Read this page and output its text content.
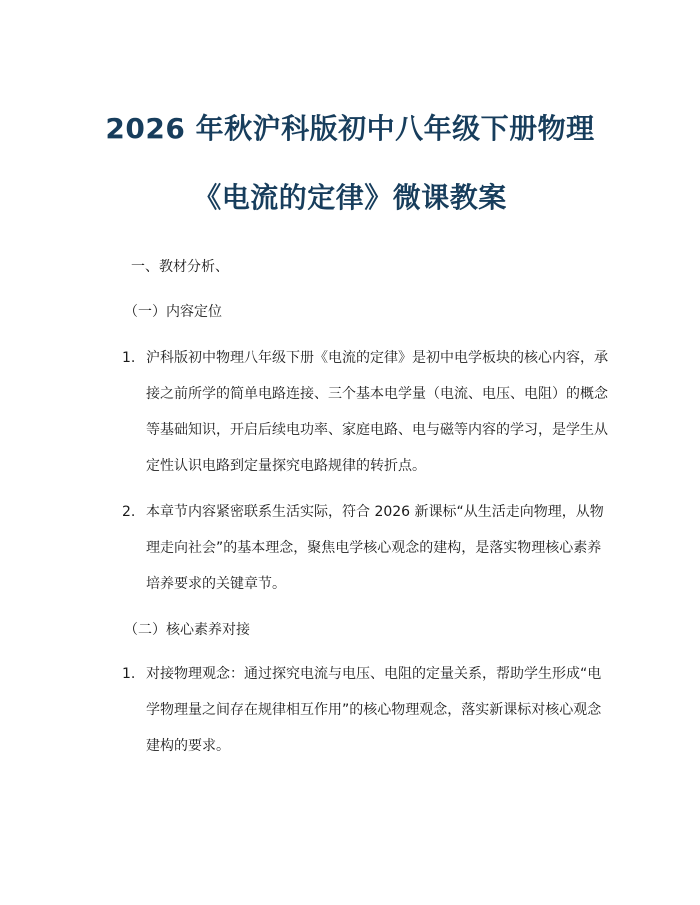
2026 年秋沪科版初中八年级下册物理
《电流的定律》微课教案
一、教材分析、
（一）内容定位
1. 沪科版初中物理八年级下册《电流的定律》是初中电学板块的核心内容，承
接之前所学的简单电路连接、三个基本电学量（电流、电压、电阻）的概念
等基础知识，开启后续电功率、家庭电路、电与磁等内容的学习，是学生从
定性认识电路到定量探究电路规律的转折点。
2. 本章节内容紧密联系生活实际，符合 2026 新课标“从生活走向物理，从物
理走向社会”的基本理念，聚焦电学核心观念的建构，是落实物理核心素养
培养要求的关键章节。
（二）核心素养对接
1. 对接物理观念：通过探究电流与电压、电阻的定量关系，帮助学生形成“电
学物理量之间存在规律相互作用”的核心物理观念，落实新课标对核心观念
建构的要求。
